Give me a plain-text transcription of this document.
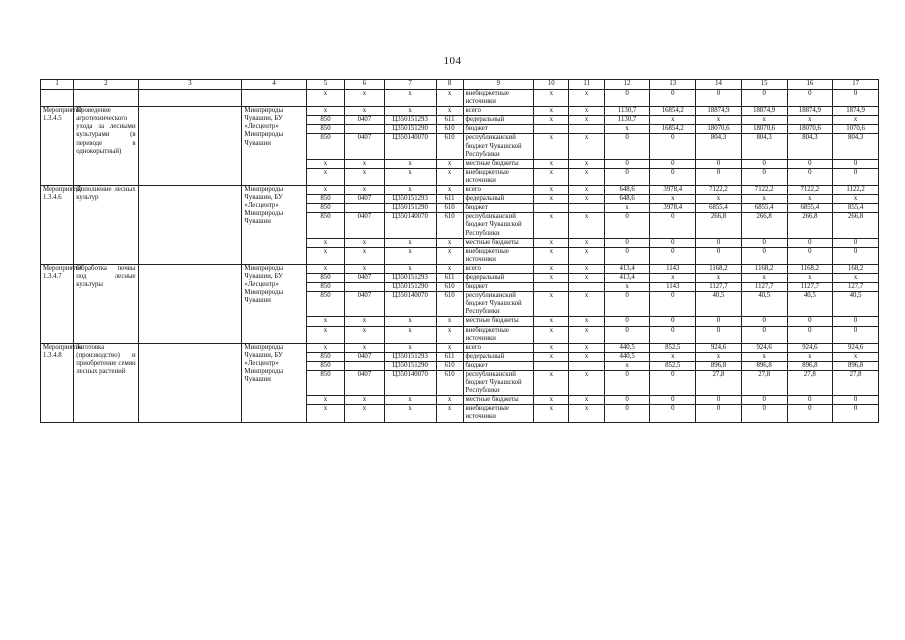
104
1	2	3	4	5	6	7	8	9	10	11	12	13	14	15	16	17
				x	x	x	x	внебюджетные источники	x	x	0	0	0	0	0	0
Мероприятие 1.3.4.5	Проведение агротехнического ухода за лесными культурами (в переводе в однокорытный)		Минприроды Чувашии, БУ «Лесцентр» Минприроды Чувашии	x	x	x	x	всего	x	x	1130,7	16854,2	18874,9	18874,9	18874,9	1874,9
				850	0407	Ц350151293	611	федеральный	x	x	1130,7	x	x	x	x	x
				850		Ц350151290	610	бюджет			x	16854,2	18070,6	18070,6	18070,6	1070,6
				850	0407	Ц350140070	610	республиканский бюджет Чувашской Республики	x	x	0	0	804,3	804,3	804,3	804,3
				x	x	x	x	местные бюджеты	x	x	0	0	0	0	0	0
				x	x	x	x	внебюджетные источники	x	x	0	0	0	0	0	0
Мероприятие 1.3.4.6	Дополнение лесных культур		Минприроды Чувашии, БУ «Лесцентр» Минприроды Чувашии	x	x	x	x	всего	x	x	648,6	3978,4	7122,2	7122,2	7122,2	1122,2
				850	0407	Ц350151293	611	федеральный	x	x	648,6	x	x	x	x	x
				850		Ц350151290	610	бюджет			x	3978,4	6855,4	6855,4	6855,4	855,4
				850	0407	Ц350140070	610	республиканский бюджет Чувашской Республики	x	x	0	0	266,8	266,8	266,8	266,8
				x	x	x	x	местные бюджеты	x	x	0	0	0	0	0	0
				x	x	x	x	внебюджетные источники	x	x	0	0	0	0	0	0
Мероприятие 1.3.4.7	Обработка почвы под лесные культуры		Минприроды Чувашии, БУ «Лесцентр» Минприроды Чувашии	x	x	x	x	всего	x	x	413,4	1143	1168,2	1168,2	1168,2	168,2
				850	0407	Ц350151293	611	федеральный	x	x	413,4	x	x	x	x	x
				850		Ц350151290	610	бюджет			x	1143	1127,7	1127,7	1127,7	127,7
				850	0407	Ц350140070	610	республиканский бюджет Чувашской Республики	x	x	0	0	40,5	40,5	40,5	40,5
				x	x	x	x	местные бюджеты	x	x	0	0	0	0	0	0
				x	x	x	x	внебюджетные источники	x	x	0	0	0	0	0	0
Мероприятие 1.3.4.8	Заготовка (производство) и приобретение семян лесных растений		Минприроды Чувашии, БУ «Лесцентр» Минприроды Чувашии	x	x	x	x	всего	x	x	440,5	852,5	924,6	924,6	924,6	924,6
				850	0407	Ц350151293	611	федеральный	x	x	440,5	x	x	x	x	x
				850		Ц350151290	610	бюджет			x	852,5	896,8	896,8	896,8	896,8
				850	0407	Ц350140070	610	республиканский бюджет Чувашской Республики	x	x	0	0	27,8	27,8	27,8	27,8
				x	x	x	x	местные бюджеты	x	x	0	0	0	0	0	0
				x	x	x	x	внебюджетные источники	x	x	0	0	0	0	0	0
